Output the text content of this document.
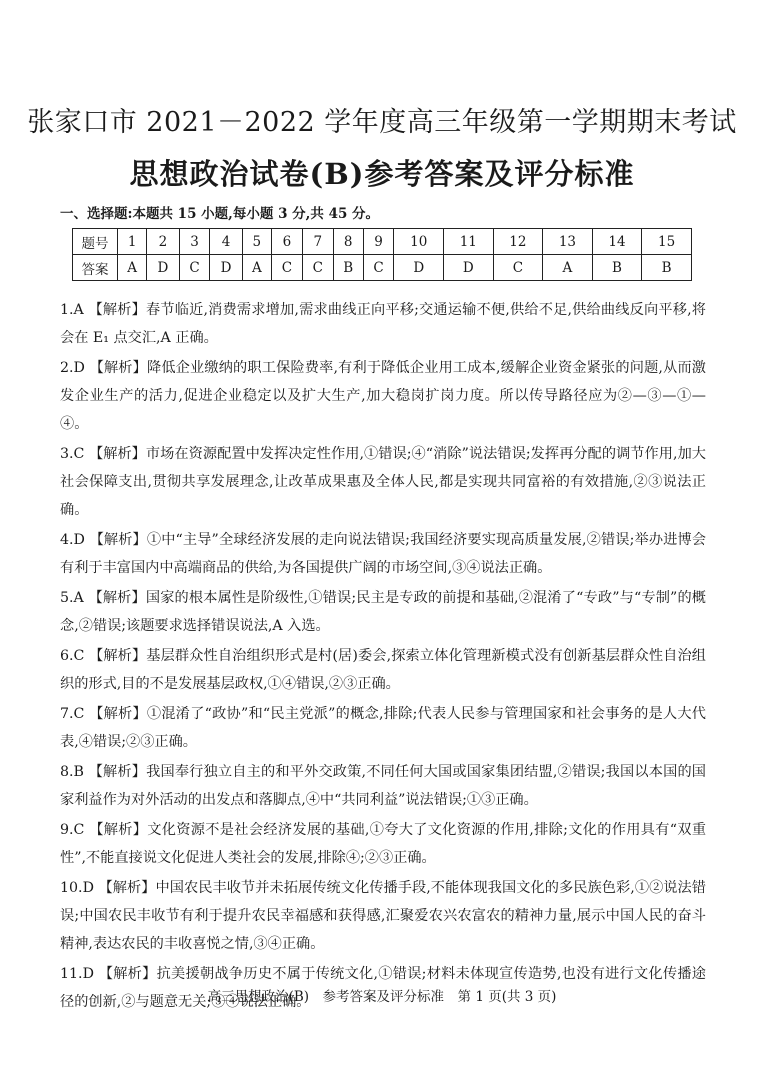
张家口市 2021－2022 学年度高三年级第一学期期末考试
思想政治试卷(B)参考答案及评分标准
一、选择题:本题共 15 小题,每小题 3 分,共 45 分。
题号	1	2	3	4	5	6	7	8	9	10	11	12	13	14	15
答案	A	D	C	D	A	C	C	B	C	D	D	C	A	B	B
1.A 【解析】春节临近,消费需求增加,需求曲线正向平移;交通运输不便,供给不足,供给曲线反向平移,将会在 E₁ 点交汇,A 正确。
2.D 【解析】降低企业缴纳的职工保险费率,有利于降低企业用工成本,缓解企业资金紧张的问题,从而激发企业生产的活力,促进企业稳定以及扩大生产,加大稳岗扩岗力度。所以传导路径应为②—③—①—④。
3.C 【解析】市场在资源配置中发挥决定性作用,①错误;④“消除”说法错误;发挥再分配的调节作用,加大社会保障支出,贯彻共享发展理念,让改革成果惠及全体人民,都是实现共同富裕的有效措施,②③说法正确。
4.D 【解析】①中“主导”全球经济发展的走向说法错误;我国经济要实现高质量发展,②错误;举办进博会有利于丰富国内中高端商品的供给,为各国提供广阔的市场空间,③④说法正确。
5.A 【解析】国家的根本属性是阶级性,①错误;民主是专政的前提和基础,②混淆了“专政”与“专制”的概念,②错误;该题要求选择错误说法,A 入选。
6.C 【解析】基层群众性自治组织形式是村(居)委会,探索立体化管理新模式没有创新基层群众性自治组织的形式,目的不是发展基层政权,①④错误,②③正确。
7.C 【解析】①混淆了“政协”和“民主党派”的概念,排除;代表人民参与管理国家和社会事务的是人大代表,④错误;②③正确。
8.B 【解析】我国奉行独立自主的和平外交政策,不同任何大国或国家集团结盟,②错误;我国以本国的国家利益作为对外活动的出发点和落脚点,④中“共同利益”说法错误;①③正确。
9.C 【解析】文化资源不是社会经济发展的基础,①夸大了文化资源的作用,排除;文化的作用具有“双重性”,不能直接说文化促进人类社会的发展,排除④;②③正确。
10.D 【解析】中国农民丰收节并未拓展传统文化传播手段,不能体现我国文化的多民族色彩,①②说法错误;中国农民丰收节有利于提升农民幸福感和获得感,汇聚爱农兴农富农的精神力量,展示中国人民的奋斗精神,表达农民的丰收喜悦之情,③④正确。
11.D 【解析】抗美援朝战争历史不属于传统文化,①错误;材料未体现宣传造势,也没有进行文化传播途径的创新,②与题意无关;③④说法正确。
高三思想政治(B)　参考答案及评分标准　第 1 页(共 3 页)
